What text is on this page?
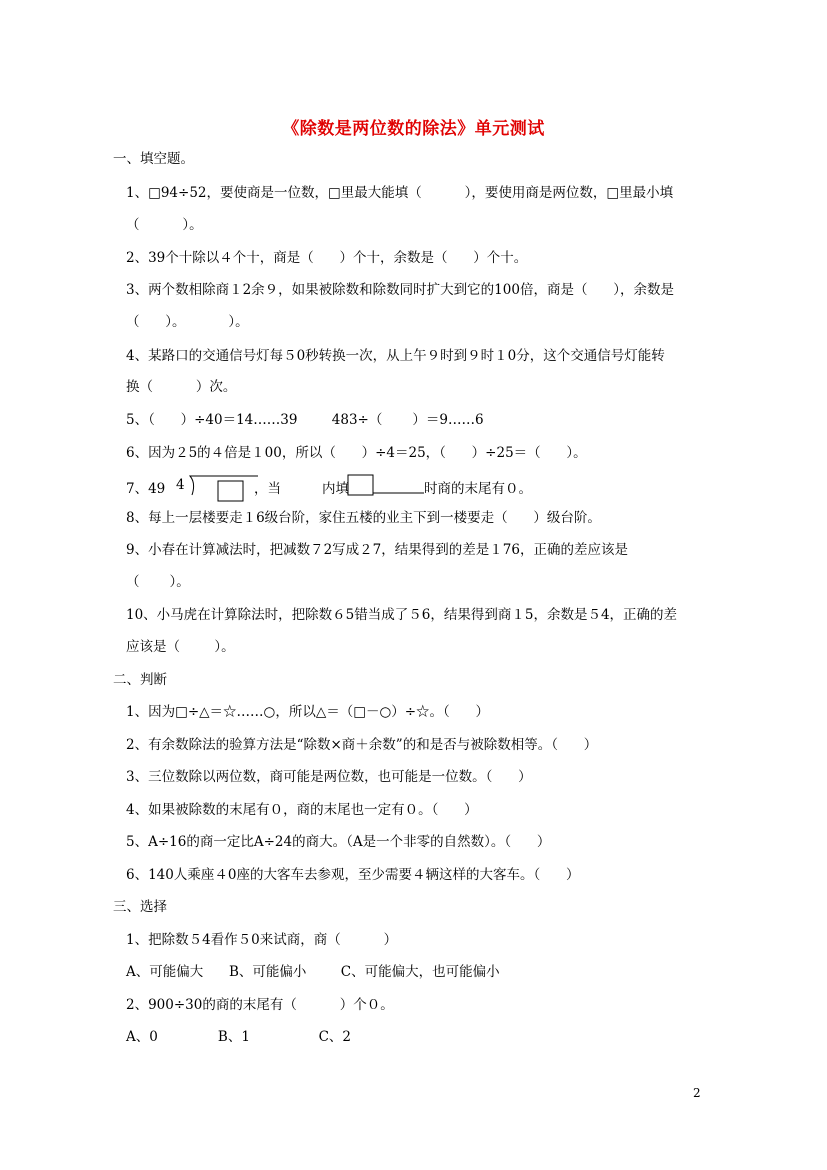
《除数是两位数的除法》单元测试
一、填空题。
1、□94÷52，要使商是一位数，□里最大能填（          ），要使用商是两位数，□里最小填
（          ）。
2、39个十除以４个十，商是（      ）个十，余数是（      ）个十。
3、两个数相除商１2余９，如果被除数和除数同时扩大到它的100倍，商是（      ），余数是
（      ）。          ）。
4、某路口的交通信号灯每５0秒转换一次，从上午９时到９时１0分，这个交通信号灯能转
换（          ）次。
5、（      ）÷40＝14……39        483÷（       ）＝9……6
6、因为２5的４倍是１00，所以（      ）÷4＝25，（      ）÷25＝（      ）。
7、49 4	，当	内填	时商的末尾有０。
8、每上一层楼要走１6级台阶，家住五楼的业主下到一楼要走（      ）级台阶。
9、小春在计算减法时，把减数７2写成２7，结果得到的差是１76，正确的差应该是
（       ）。
10、小马虎在计算除法时，把除数６5错当成了５6，结果得到商１5，余数是５4，正确的差
应该是（        ）。
二、判断
1、因为□÷△＝☆……○，所以△＝（□－○）÷☆。（      ）
2、有余数除法的验算方法是“除数×商＋余数”的和是否与被除数相等。（      ）
3、三位数除以两位数，商可能是两位数，也可能是一位数。（      ）
4、如果被除数的末尾有０，商的末尾也一定有０。（      ）
5、A÷16的商一定比A÷24的商大。（A是一个非零的自然数）。（      ）
6、140人乘座４0座的大客车去参观，至少需要４辆这样的大客车。（      ）
三、选择
1、把除数５4看作５0来试商，商（          ）
A、可能偏大      B、可能偏小        C、可能偏大，也可能偏小
2、900÷30的商的末尾有（          ）个０。
A、0              B、1                C、2
2
